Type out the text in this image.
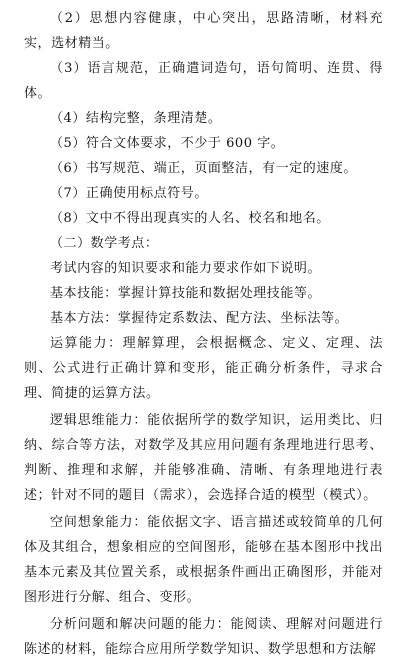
（2）思想内容健康，中心突出，思路清晰，材料充实，选材精当。

（3）语言规范，正确遣词造句，语句简明、连贯、得体。

（4）结构完整，条理清楚。

（5）符合文体要求，不少于 600 字。

（6）书写规范、端正，页面整洁，有一定的速度。

（7）正确使用标点符号。

（8）文中不得出现真实的人名、校名和地名。

（二）数学考点：

考试内容的知识要求和能力要求作如下说明。

基本技能：掌握计算技能和数据处理技能等。

基本方法：掌握待定系数法、配方法、坐标法等。

运算能力：理解算理，会根据概念、定义、定理、法则、公式进行正确计算和变形，能正确分析条件，寻求合理、简捷的运算方法。

逻辑思维能力：能依据所学的数学知识，运用类比、归纳、综合等方法，对数学及其应用问题有条理地进行思考、判断、推理和求解，并能够准确、清晰、有条理地进行表述；针对不同的题目（需求），会选择合适的模型（模式）。

空间想象能力：能依据文字、语言描述或较简单的几何体及其组合，想象相应的空间图形，能够在基本图形中找出基本元素及其位置关系，或根据条件画出正确图形，并能对图形进行分解、组合、变形。

分析问题和解决问题的能力：能阅读、理解对问题进行陈述的材料，能综合应用所学数学知识、数学思想和方法解
